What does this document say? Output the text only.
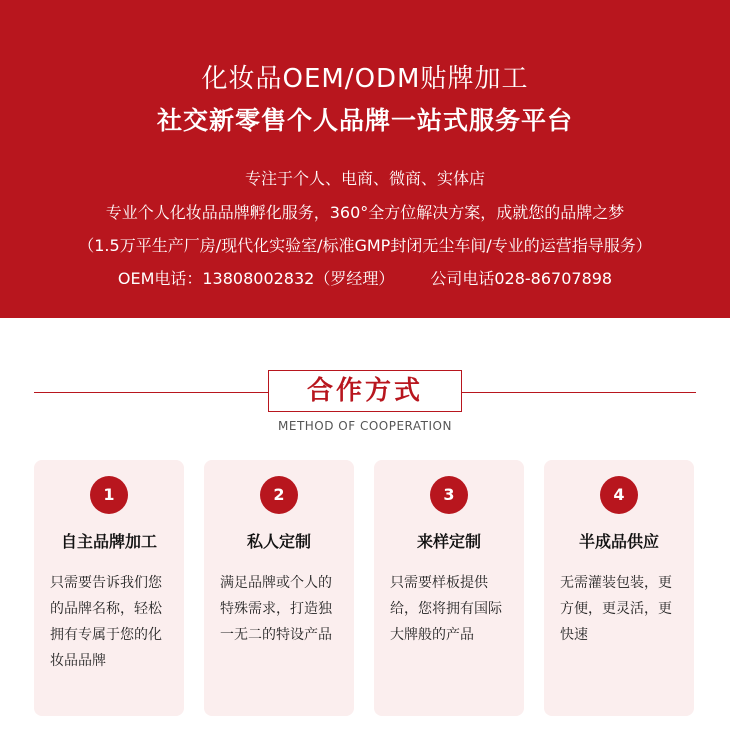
化妆品OEM/ODM贴牌加工
社交新零售个人品牌一站式服务平台
专注于个人、电商、微商、实体店
专业个人化妆品品牌孵化服务，360°全方位解决方案，成就您的品牌之梦
（1.5万平生产厂房/现代化实验室/标准GMP封闭无尘车间/专业的运营指导服务）
OEM电话：13808002832（罗经理） 公司电话028-86707898
合作方式
METHOD OF COOPERATION
1
自主品牌加工
只需要告诉我们您
的品牌名称，轻松
拥有专属于您的化
妆品品牌
2
私人定制
满足品牌或个人的
特殊需求，打造独
一无二的特设产品
3
来样定制
只需要样板提供
给，您将拥有国际
大牌般的产品
4
半成品供应
无需灌装包装，更
方便，更灵活，更
快速
